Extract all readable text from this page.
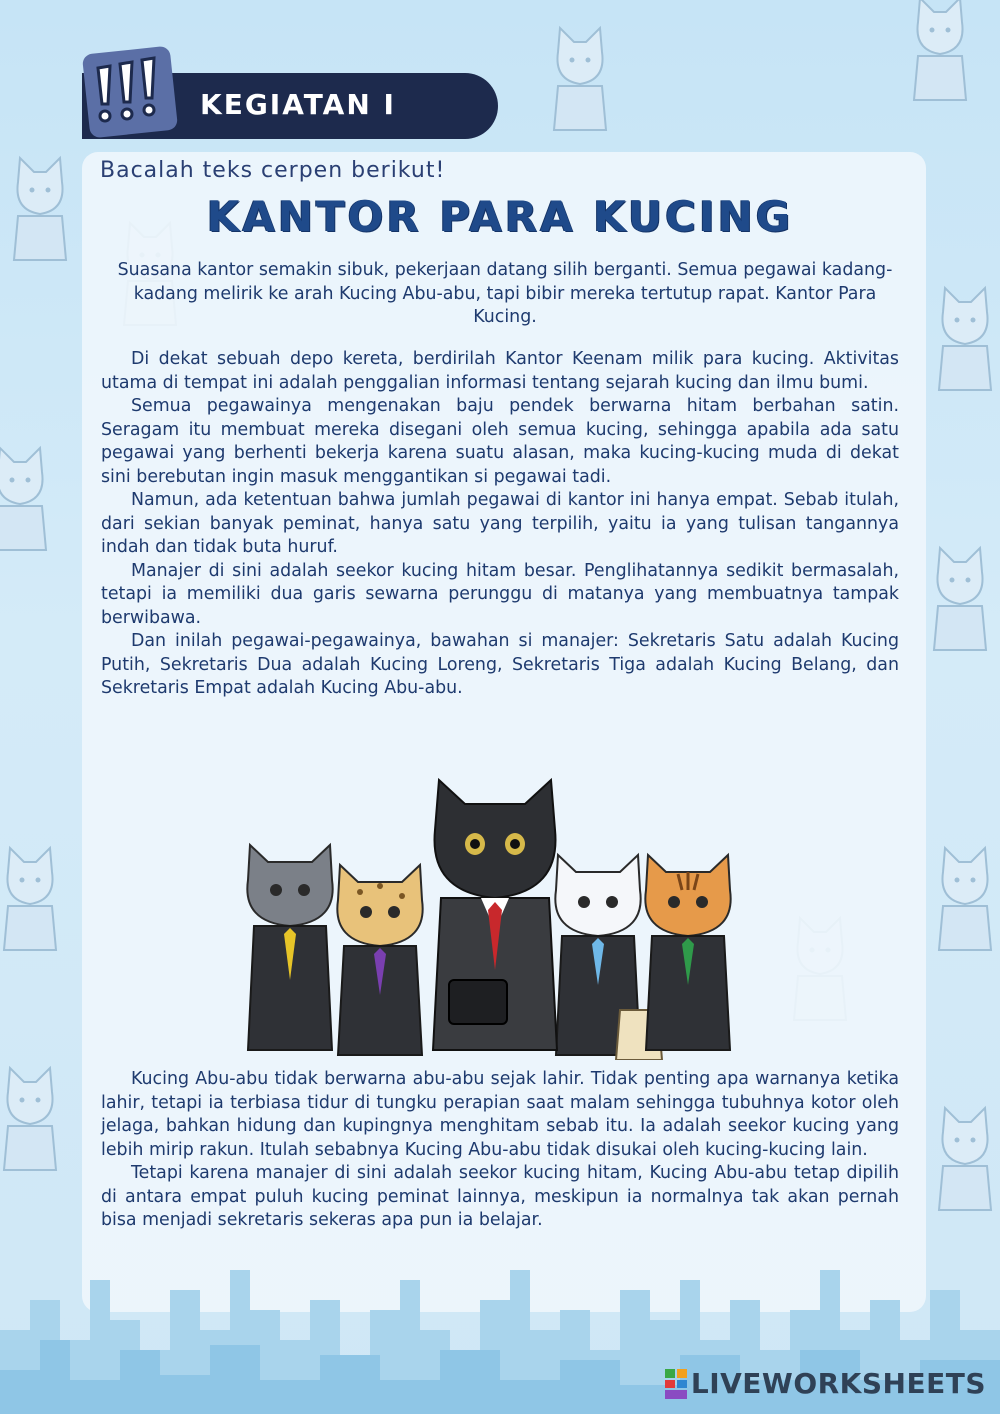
KEGIATAN I
Bacalah teks cerpen berikut!
KANTOR PARA KUCING
Suasana kantor semakin sibuk, pekerjaan datang silih berganti. Semua pegawai kadang-kadang melirik ke arah Kucing Abu-abu, tapi bibir mereka tertutup rapat. Kantor Para Kucing.

Di dekat sebuah depo kereta, berdirilah Kantor Keenam milik para kucing. Aktivitas utama di tempat ini adalah penggalian informasi tentang sejarah kucing dan ilmu bumi.

Semua pegawainya mengenakan baju pendek berwarna hitam berbahan satin. Seragam itu membuat mereka disegani oleh semua kucing, sehingga apabila ada satu pegawai yang berhenti bekerja karena suatu alasan, maka kucing-kucing muda di dekat sini berebutan ingin masuk menggantikan si pegawai tadi.

Namun, ada ketentuan bahwa jumlah pegawai di kantor ini hanya empat. Sebab itulah, dari sekian banyak peminat, hanya satu yang terpilih, yaitu ia yang tulisan tangannya indah dan tidak buta huruf.

Manajer di sini adalah seekor kucing hitam besar. Penglihatannya sedikit bermasalah, tetapi ia memiliki dua garis sewarna perunggu di matanya yang membuatnya tampak berwibawa.

Dan inilah pegawai-pegawainya, bawahan si manajer: Sekretaris Satu adalah Kucing Putih, Sekretaris Dua adalah Kucing Loreng, Sekretaris Tiga adalah Kucing Belang, dan Sekretaris Empat adalah Kucing Abu-abu.

Kucing Abu-abu tidak berwarna abu-abu sejak lahir. Tidak penting apa warnanya ketika lahir, tetapi ia terbiasa tidur di tungku perapian saat malam sehingga tubuhnya kotor oleh jelaga, bahkan hidung dan kupingnya menghitam sebab itu. Ia adalah seekor kucing yang lebih mirip rakun. Itulah sebabnya Kucing Abu-abu tidak disukai oleh kucing-kucing lain.

Tetapi karena manajer di sini adalah seekor kucing hitam, Kucing Abu-abu tetap dipilih di antara empat puluh kucing peminat lainnya, meskipun ia normalnya tak akan pernah bisa menjadi sekretaris sekeras apa pun ia belajar.

LIVEWORKSHEETS
